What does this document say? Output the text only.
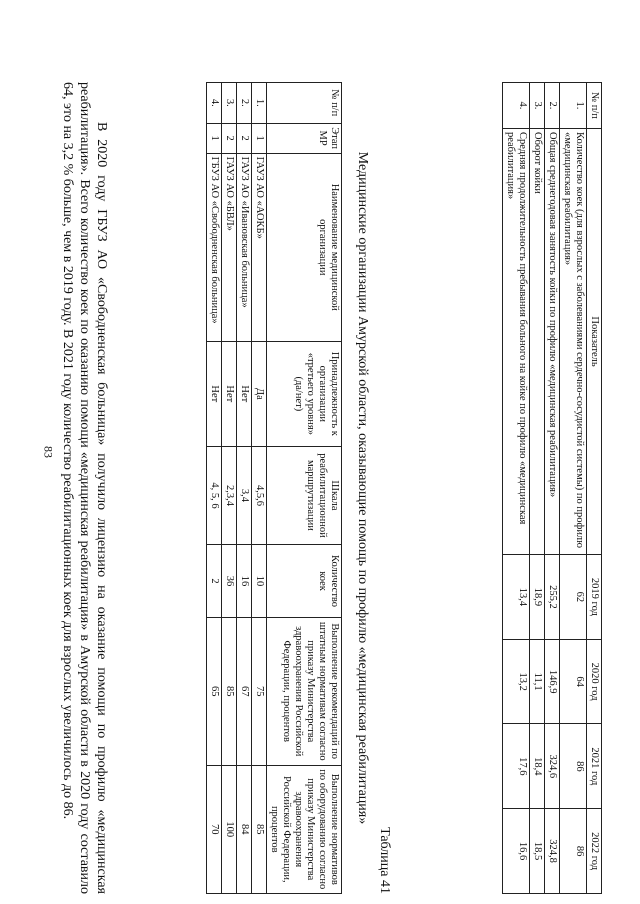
83
№ п/п	Показатель	2019 год	2020 год	2021 год	2022 год
1.	Количество коек (для взрослых с заболеваниями сердечно-сосудистой системы) по профилю «медицинская реабилитация»	62	64	86	86
2.	Общая среднегодовая занятость койки по профилю «медицинская реабилитация»	255,2	146,9	324,6	324,8
3.	Оборот койки	18,9	11,1	18,4	18,5
4.	Средняя продолжительность пребывания больного на койке по профилю «медицинская реабилитация»	13,4	13,2	17,6	16,6
Таблица 41
Медицинские организации Амурской области, оказывающие помощь по профилю «медицинская реабилитация»
№ п/п	Этап МР	Наименование медицинской организации	Принадлежность к организации «третьего уровня» (да/нет)	Шкала реабилитационной маршрутизации	Количество коек	Выполнение рекомендаций по штатным нормативам согласно приказу Министерства здравоохранения Российской Федерации, процентов	Выполнение нормативов по оборудованию согласно приказу Министерства здравоохранения Российской Федерации, процентов
1.	1	ГАУЗ АО «АОКБ»	Да	4,5,6	10	75	85
2.	2	ГАУЗ АО «Ивановская больница»	Нет	3,4	16	67	84
3.	2	ГАУЗ АО «БВЛ»	Нет	2,3,4	36	85	100
4.	1	ГБУЗ АО «Свободненская больница»	Нет	4, 5, 6	2	65	70

В 2020 году ГБУЗ АО «Свободненская больница» получило лицензию на оказание помощи по профилю «медицинская реабилитация». Всего количество коек по оказанию помощи «медицинская реабилитация» в Амурской области в 2020 году составило 64, это на 3,2 % больше, чем в 2019 году. В 2021 году количество реабилитационных коек для взрослых увеличилось до 86.
